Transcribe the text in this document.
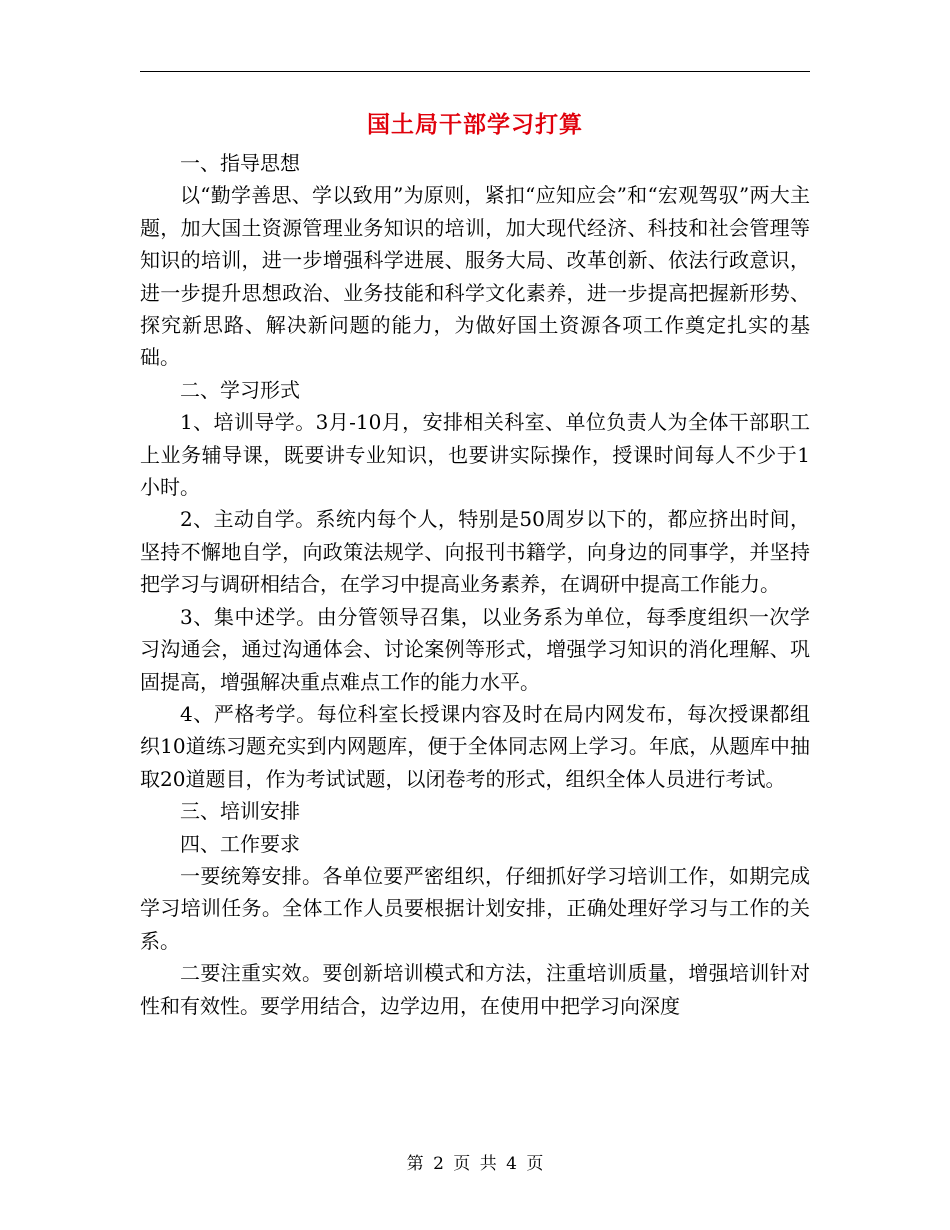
国土局干部学习打算

一、指导思想

以“勤学善思、学以致用”为原则，紧扣“应知应会”和“宏观驾驭”两大主题，加大国土资源管理业务知识的培训，加大现代经济、科技和社会管理等知识的培训，进一步增强科学进展、服务大局、改革创新、依法行政意识，进一步提升思想政治、业务技能和科学文化素养，进一步提高把握新形势、探究新思路、解决新问题的能力，为做好国土资源各项工作奠定扎实的基础。

二、学习形式

1、培训导学。3月-10月，安排相关科室、单位负责人为全体干部职工上业务辅导课，既要讲专业知识，也要讲实际操作，授课时间每人不少于1小时。

2、主动自学。系统内每个人，特别是50周岁以下的，都应挤出时间，坚持不懈地自学，向政策法规学、向报刊书籍学，向身边的同事学，并坚持把学习与调研相结合，在学习中提高业务素养，在调研中提高工作能力。

3、集中述学。由分管领导召集，以业务系为单位，每季度组织一次学习沟通会，通过沟通体会、讨论案例等形式，增强学习知识的消化理解、巩固提高，增强解决重点难点工作的能力水平。

4、严格考学。每位科室长授课内容及时在局内网发布，每次授课都组织10道练习题充实到内网题库，便于全体同志网上学习。年底，从题库中抽取20道题目，作为考试试题，以闭卷考的形式，组织全体人员进行考试。

三、培训安排

四、工作要求

一要统筹安排。各单位要严密组织，仔细抓好学习培训工作，如期完成学习培训任务。全体工作人员要根据计划安排，正确处理好学习与工作的关系。

二要注重实效。要创新培训模式和方法，注重培训质量，增强培训针对性和有效性。要学用结合，边学边用，在使用中把学习向深度

第 2 页 共 4 页
